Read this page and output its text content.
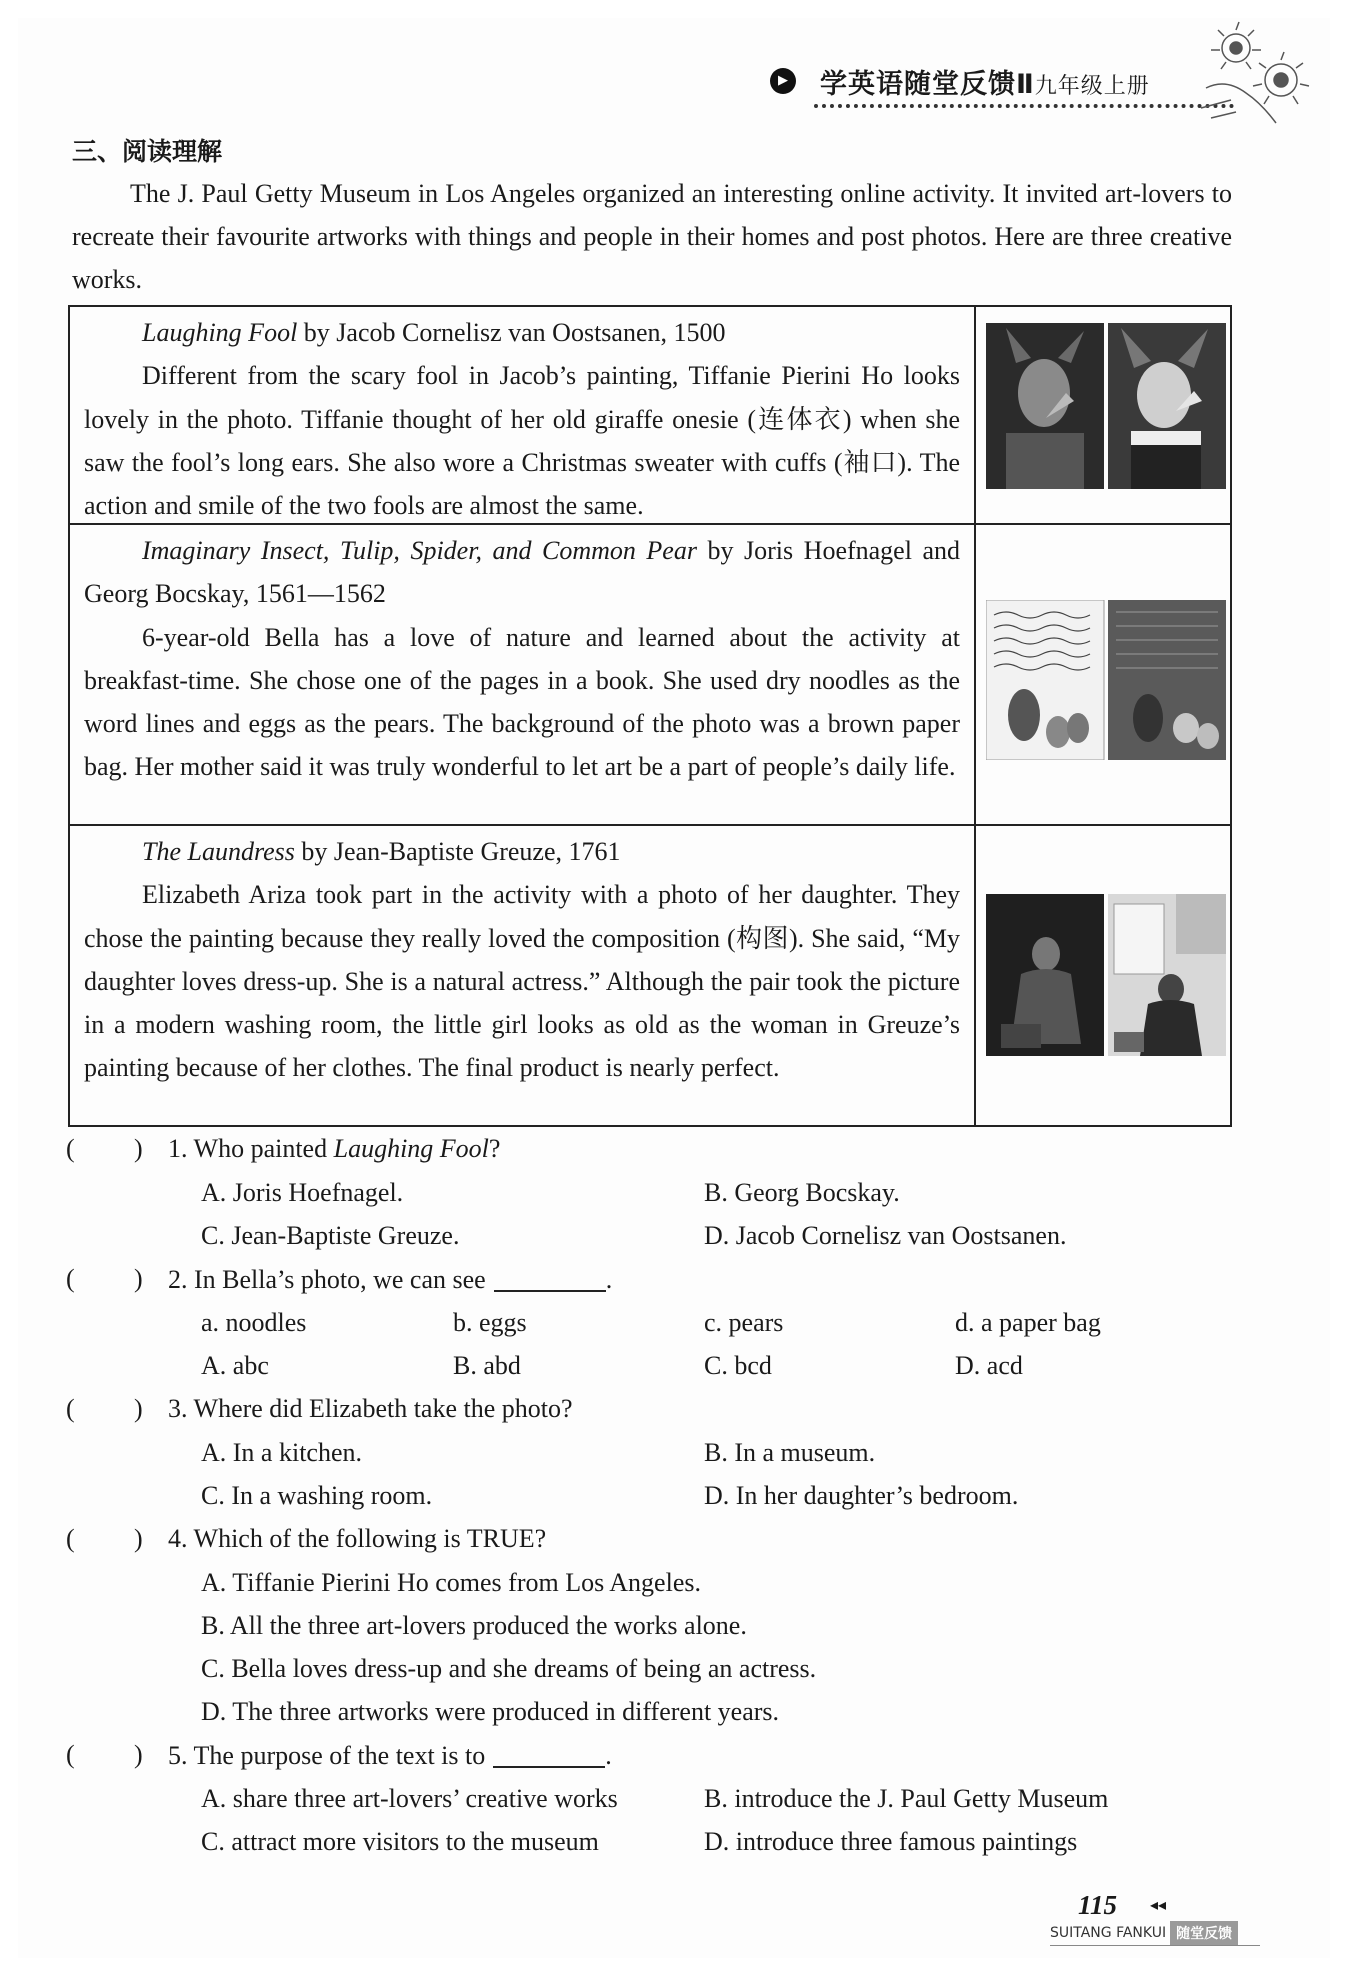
▶ 学英语随堂反馈Ⅱ九年级上册
三、阅读理解
The J. Paul Getty Museum in Los Angeles organized an interesting online activity. It invited art-lovers to recreate their favourite artworks with things and people in their homes and post photos. Here are three creative works.

Laughing Fool by Jacob Cornelisz van Oostsanen, 1500

Different from the scary fool in Jacob’s painting, Tiffanie Pierini Ho looks lovely in the photo. Tiffanie thought of her old giraffe onesie (连体衣) when she saw the fool’s long ears. She also wore a Christmas sweater with cuffs (袖口). The action and smile of the two fools are almost the same.

Imaginary Insect, Tulip, Spider, and Common Pear by Joris Hoefnagel and Georg Bocskay, 1561—1562

6-year-old Bella has a love of nature and learned about the activity at breakfast-time. She chose one of the pages in a book. She used dry noodles as the word lines and eggs as the pears. The background of the photo was a brown paper bag. Her mother said it was truly wonderful to let art be a part of people’s daily life.

The Laundress by Jean-Baptiste Greuze, 1761

Elizabeth Ariza took part in the activity with a photo of her daughter. They chose the painting because they really loved the composition (构图). She said, “My daughter loves dress-up. She is a natural actress.” Although the pair took the picture in a modern washing room, the little girl looks as old as the woman in Greuze’s painting because of her clothes. The final product is nearly perfect.

( ) 1. Who painted Laughing Fool?
A. Joris Hoefnagel.	B. Georg Bocskay.
C. Jean-Baptiste Greuze.	D. Jacob Cornelisz van Oostsanen.
( ) 2. In Bella’s photo, we can see	.
a. noodles	b. eggs	c. pears	d. a paper bag
A. abc	B. abd	C. bcd	D. acd
( ) 3. Where did Elizabeth take the photo?
A. In a kitchen.	B. In a museum.
C. In a washing room.	D. In her daughter’s bedroom.
( ) 4. Which of the following is TRUE?
A. Tiffanie Pierini Ho comes from Los Angeles.
B. All the three art-lovers produced the works alone.
C. Bella loves dress-up and she dreams of being an actress.
D. The three artworks were produced in different years.
( ) 5. The purpose of the text is to	.
A. share three art-lovers’ creative works	B. introduce the J. Paul Getty Museum
C. attract more visitors to the museum	D. introduce three famous paintings
115 ◂◂
SUITANG FANKUI 随堂反馈
